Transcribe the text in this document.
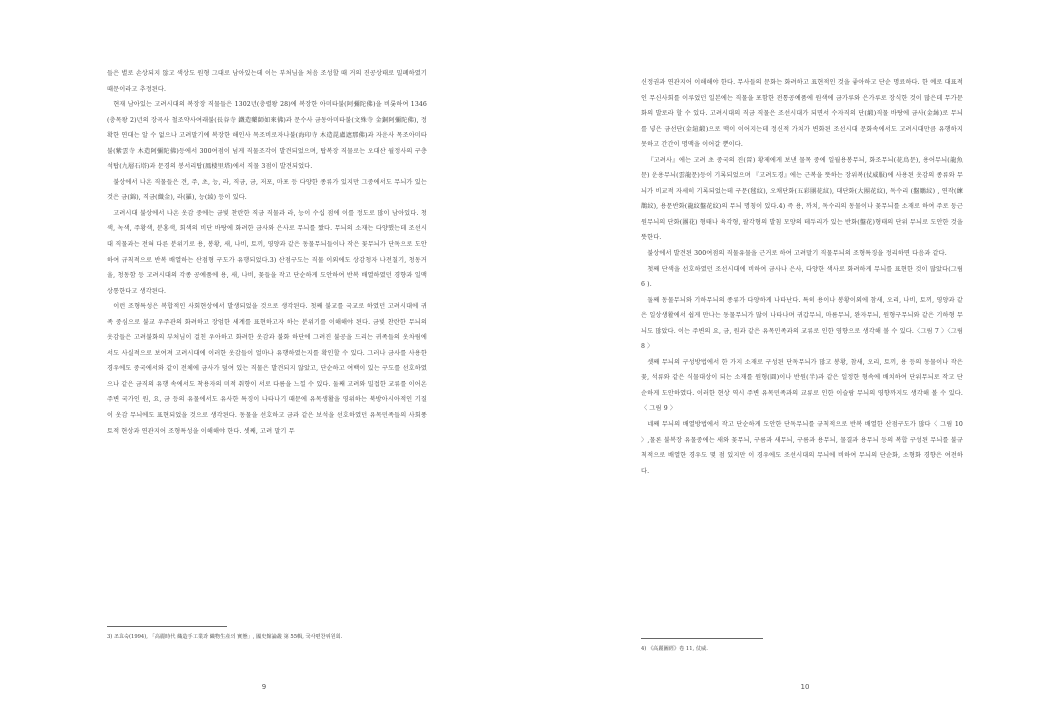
들은 별로 손상되지 않고 색상도 원형 그대로 남아있는데 이는 부처님을 처음 조성할 때 거의 진공상태로 밀폐하였기 때문이라고 추정된다.

현재 남아있는 고려시대의 복장장 직물들은 1302년(충렬왕 28)에 복장한 아미타불(阿彌陀佛)을 비롯하여 1346(충목왕 2)년의 장곡사 철조약사여래불(長谷寺 鐵造藥師如來佛)과 문수사 금동아미타불(文殊寺 金銅阿彌陀佛), 정확한 연대는 알 수 없으나 고려말기에 복장한 해인사 목조비로자나불(海印寺 木造毘盧遮那佛)과 자운사 목조아미타불(紫雲寺 木造阿彌陀佛)등에서 300여점이 넘게 직물조각이 발견되었으며, 탑복장 직물로는 오대산 월정사의 구층석탑(九層石塔)과 문경의 봉서리탑(鳳棲里塔)에서 직물 3점이 발견되었다.

불상에서 나온 직물들은 견, 주, 초, 능, 라, 직금, 금, 저포, 마포 등 다양한 종류가 있지만 그중에서도 무늬가 있는 것은 금(錦), 직금(織金), 라(羅), 능(綾) 등이 있다.

고려시대 불상에서 나온 옷감 중에는 금빛 찬란한 직금 직물과 라, 능이 수십 점에 이를 정도로 많이 남아있다. 청색, 녹색, 주황색, 분홍색, 회색의 비단 바탕에 화려한 금사와 은사로 무늬를 짰다. 무늬의 소재는 다양했는데 조선시대 직물과는 전혀 다른 분위기로 용, 봉황, 새, 나비, 토끼, 영양과 같은 동물무늬들이나 작은 꽃무늬가 단독으로 도안하여 규칙적으로 반복 배열하는 산점형 구도가 유행되었다.3) 산점구도는 직물 이외에도 상감청자 나전칠기, 청동거울, 청동함 등 고려시대의 각종 공예품에 용, 새, 나비, 꽃들을 작고 단순하게 도안하여 반복 배열하였던 경향과 일맥상통한다고 생각된다.

이런 조형특성은 복합적인 사회현상에서 발생되었을 것으로 생각된다. 첫째 불교를 국교로 하였던 고려시대에 귀족 중심으로 불교 우주관의 화려하고 장엄한 세계를 표현하고자 하는 분위기를 이해해야 된다. 금빛 찬란한 무늬의 옷감들은 고려불화의 부처님이 걸친 우아하고 화려한 옷감과 불화 하단에 그려진 불공을 드리는 귀족들의 옷차림에서도 사실적으로 보여져 고려시대에 이러한 옷감들이 얼마나 유행하였는지를 확인할 수 있다. 그러나 금사를 사용한 경우에도 중국에서와 같이 전체에 금사가 덮여 있는 직물은 발견되지 않았고, 단순하고 여백이 있는 구도를 선호하였으나 같은 금직의 유행 속에서도 착용자의 미적 취향이 서로 다름을 느낄 수 있다. 둘째 고려와 밀접한 교류를 이어온 주변 국가인 원, 요, 금 등의 유물에서도 유사한 특징이 나타나기 때문에 유목생활을 영위하는 북방아시아적인 기질이 옷감 무늬에도 표현되었을 것으로 생각된다. 동물을 선호하고 금과 같은 보석을 선호하였던 유목민족들의 사회풍토적 현상과 연관지어 조형특성을 이해해야 한다. 셋째, 고려 말기 무

3) 조효숙(1994), 「高麗時代 織造手工業과 織物生産의 實態」, 國史館論叢 第 55輯, 국사편찬위원회.

9

신정권과 연관지어 이해해야 한다. 무사들의 문화는 화려하고 표현적인 것을 좋아하고 단순 명료하다. 한 예로 대표적인 무신사회를 이루었던 일본에는 직물을 포함한 전통공예품에 원색에 금가루와 은가루로 장식한 것이 많은데 무가문화의 발로라 할 수 있다. 고려시대의 직금 직물은 조선시대가 되면서 수자직의 단(緞)직물 바탕에 금사(金絲)로 무늬를 넣은 금선단(金縇緞)으로 맥이 이어지는데 정신적 가치가 변화된 조선시대 문화속에서도 고려시대만큼 유행하지 못하고 간간이 명맥을 이어갈 뿐이다.

『고려사』에는 고려 초 중국의 진(晉) 황제에게 보낸 물목 중에 일월용봉무늬, 화조무늬(花鳥문), 용어무늬(龍魚문) 운용무늬(雲龍문)등이 기록되었으며 『고려도경』에는 근복을 뜻하는 장위복(仗威服)에 사용된 옷감의 종류와 무늬가 비교적 자세히 기록되었는데 구문(毬紋), 오채단화(五彩團花紋), 대단화(大團花紋), 독수리 (盤鵰紋) , 연작(練鵲紋), 용문반화(龍紋盤花紋)의 무늬 명칭이 있다.4) 즉 용, 까치, 독수리의 동물이나 꽃무늬를 소재로 하여 주로 둥근 원무늬의 단화(團花) 형태나 육각형, 팔각형의 발침 모양의 테두리가 있는 반화(盤花)형태의 단위 무늬로 도안한 것을 뜻한다.

불상에서 발견된 300여점의 직물유물을 근거로 하여 고려말기 직물무늬의 조형특징을 정리하면 다음과 같다.

첫째 단색을 선호하였던 조선시대에 비하여 금사나 은사, 다양한 색사로 화려하게 무늬를 표현한 것이 많았다(그림 6 ).

둘째 동물무늬와 기하무늬의 종류가 다양하게 나타난다. 특히 용이나 봉황이외에 참새, 오리, 나비, 토끼, 영양과 같은 일상생활에서 쉽게 만나는 동물무늬가 많이 나타나며 귀갑무늬, 마름무늬, 완자무늬, 원형구무늬와 같은 기하형 무늬도 많았다. 이는 주변의 요, 금, 원과 같은 유목민족과의 교류로 인한 영향으로 생각해 볼 수 있다.〈그림 7 〉〈그림 8 〉

셋째 무늬의 구성방법에서 한 가지 소재로 구성된 단독무늬가 많고 봉황, 참새, 오리, 토끼, 용 등의 동물이나 작은 꽃, 석류와 같은 식물대상이 되는 소재를 원형(圓)이나 반원(半)과 같은 일정한 형속에 배치하여 단위무늬로 작고 단순하게 도안하였다. 이러한 현상 역시 주변 유목민족과의 교류로 인한 이슬람 무늬의 영향까지도 생각해 볼 수 있다.〈 그림 9 〉

네째 무늬의 배열방법에서 작고 단순하게 도안한 단독무늬를 규칙적으로 반복 배열한 산점구도가 많다〈 그림 10 〉,물론 불복장 유물중에는 새와 꽃무늬, 구름과 새무늬, 구름과 용무늬, 물결과 용무늬 등의 복합 구성된 무늬를 불규칙적으로 배열한 경우도 몇 점 있지만 이 경우에도 조선시대의 무늬에 비하여 무늬의 단순화, 소형화 경향은 여전하다.

4) 《高麗圖經》卷 11, 仗威.

10
